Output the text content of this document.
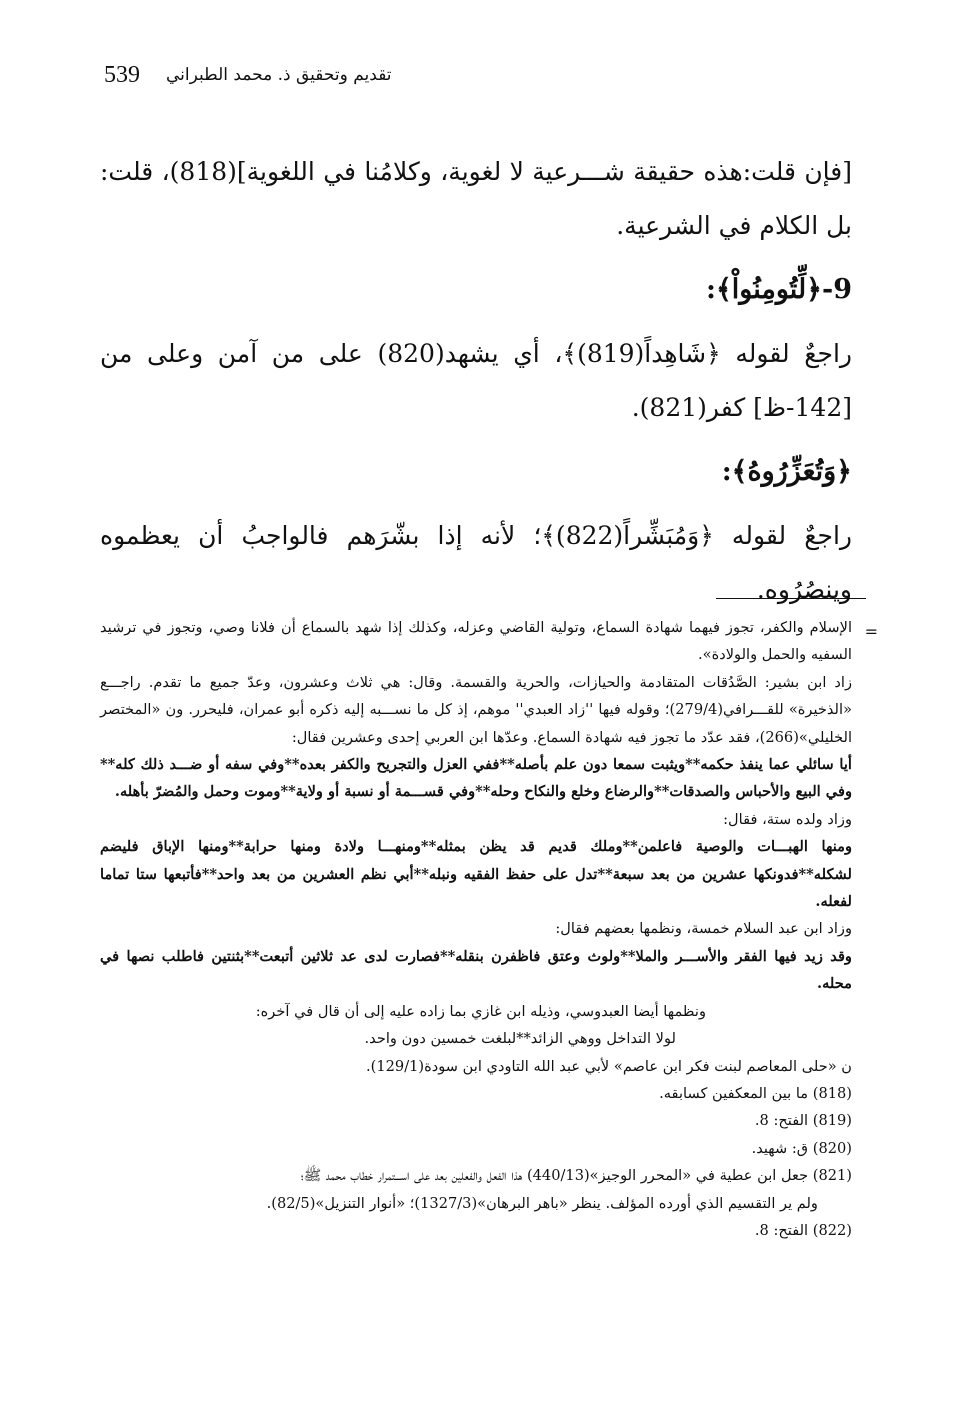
539 تقديم وتحقيق ذ. محمد الطبراني

[فإن قلت:هذه حقيقة شـــرعية لا لغوية، وكلامُنا في اللغوية](818)، قلت: بل الكلام في الشرعية.

9-﴿لِّتُومِنُواْ﴾:

راجعٌ لقوله ﴿شَاهِداً(819)﴾، أي يشهد(820) على من آمن وعلى من [142-ظ] كفر(821).

﴿وَتُعَزِّرُوهُ﴾:

راجعٌ لقوله ﴿وَمُبَشِّراً(822)﴾؛ لأنه إذا بشّرَهم فالواجبُ أن يعظموه وينصُرُوه.

=

الإسلام والكفر، تجوز فيهما شهادة السماع، وتولية القاضي وعزله، وكذلك إذا شهد بالسماع أن فلانا وصي، وتجوز في ترشيد السفيه والحمل والولادة».

زاد ابن بشير: الصَّدُقات المتقادمة والحيازات، والحرية والقسمة. وقال: هي ثلاث وعشرون، وعدّ جميع ما تقدم. راجـــع «الذخيرة» للقـــرافي(279/4)؛ وقوله فيها ''زاد العبدي'' موهم، إذ كل ما نســـبه إليه ذكره أبو عمران، فليحرر. ون «المختصر الخليلي»(266)، فقد عدّد ما تجوز فيه شهادة السماع. وعدّها ابن العربي إحدى وعشرين فقال:

أيا سائلي عما ينفذ حكمه**ويثبت سمعا دون علم بأصله**ففي العزل والتجريح والكفر بعده**وفي سفه أو ضـــد ذلك كله** وفي البيع والأحباس والصدقات**والرضاع وخلع والنكاح وحله**وفي قســـمة أو نسبة أو ولاية**وموت وحمل والمُضرّ بأهله.

وزاد ولده ستة، فقال:

ومنها الهبـــات والوصية فاعلمن**وملك قديم قد يظن بمثله**ومنهـــا ولادة ومنها حرابة**ومنها الإباق فليضم لشكله**فدونكها عشرين من بعد سبعة**تدل على حفظ الفقيه ونبله**أبي نظم العشرين من بعد واحد**فأتبعها ستا تماما لفعله.

وزاد ابن عبد السلام خمسة، ونظمها بعضهم فقال:

وقد زيد فيها الفقر والأســـر والملا**ولوث وعتق فاظفرن بنقله**فصارت لدى عد ثلاثين أتبعت**بثنتين فاطلب نصها في محله.

ونظمها أيضا العبدوسي، وذيله ابن غازي بما زاده عليه إلى أن قال في آخره:

لولا التداخل ووهي الزائد**لبلغت خمسين دون واحد.

ن «حلى المعاصم لبنت فكر ابن عاصم» لأبي عبد الله التاودي ابن سودة(129/1).

(818) ما بين المعكفين كسابقه.

(819) الفتح: 8.

(820) ق: شهيد.

(821) جعل ابن عطية في «المحرر الوجيز»(440/13) هذا الفعل والفعلين بعد على اســـتمرار خطاب محمد ﷺ؛

ولم ير التقسيم الذي أورده المؤلف. ينظر «باهر البرهان»(1327/3)؛ «أنوار التنزيل»(82/5).

(822) الفتح: 8.
